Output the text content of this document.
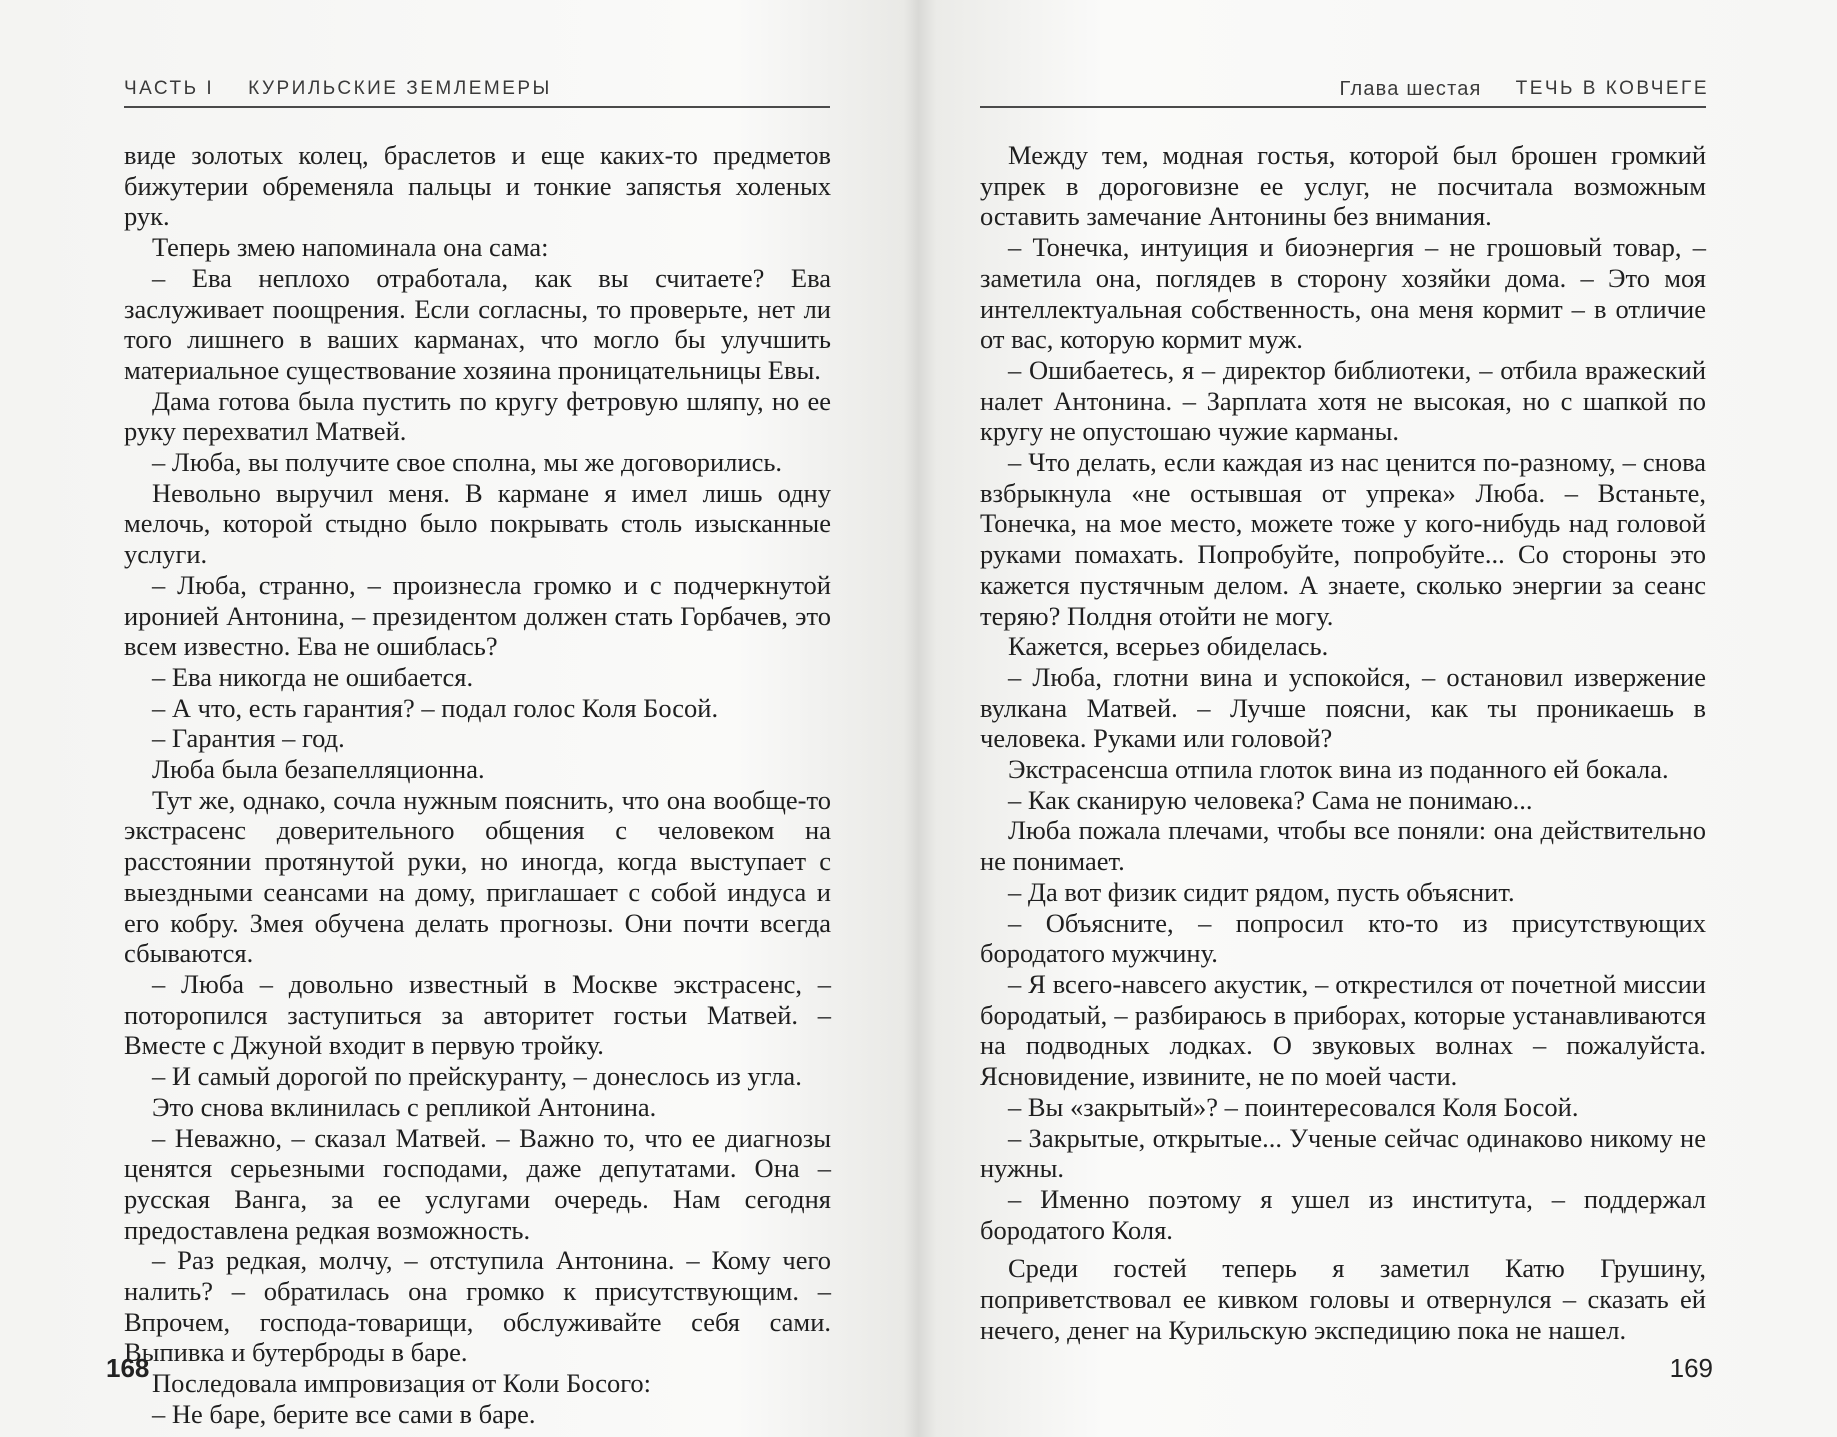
ЧАСТЬ I КУРИЛЬСКИЕ ЗЕМЛЕМЕРЫ

виде золотых колец, браслетов и еще каких-то предметов бижутерии обременяла пальцы и тонкие запястья холеных рук.

Теперь змею напоминала она сама:

– Ева неплохо отработала, как вы считаете? Ева заслуживает поощрения. Если согласны, то проверьте, нет ли того лишнего в ваших карманах, что могло бы улучшить материальное существование хозяина проницательницы Евы.

Дама готова была пустить по кругу фетровую шляпу, но ее руку перехватил Матвей.

– Люба, вы получите свое сполна, мы же договорились.

Невольно выручил меня. В кармане я имел лишь одну мелочь, которой стыдно было покрывать столь изысканные услуги.

– Люба, странно, – произнесла громко и с подчеркнутой иронией Антонина, – президентом должен стать Горбачев, это всем известно. Ева не ошиблась?

– Ева никогда не ошибается.

– А что, есть гарантия? – подал голос Коля Босой.

– Гарантия – год.

Люба была безапелляционна.

Тут же, однако, сочла нужным пояснить, что она вообще-то экстрасенс доверительного общения с человеком на расстоянии протянутой руки, но иногда, когда выступает с выездными сеансами на дому, приглашает с собой индуса и его кобру. Змея обучена делать прогнозы. Они почти всегда сбываются.

– Люба – довольно известный в Москве экстрасенс, – поторопился заступиться за авторитет гостьи Матвей. – Вместе с Джуной входит в первую тройку.

– И самый дорогой по прейскуранту, – донеслось из угла.

Это снова вклинилась с репликой Антонина.

– Неважно, – сказал Матвей. – Важно то, что ее диагнозы ценятся серьезными господами, даже депутатами. Она – русская Ванга, за ее услугами очередь. Нам сегодня предоставлена редкая возможность.

– Раз редкая, молчу, – отступила Антонина. – Кому чего налить? – обратилась она громко к присутствующим. – Впрочем, господа-товарищи, обслуживайте себя сами. Выпивка и бутерброды в баре.

Последовала импровизация от Коли Босого:

– Не баре, берите все сами в баре.

168
Глава шестая ТЕЧЬ В КОВЧЕГЕ

Между тем, модная гостья, которой был брошен громкий упрек в дороговизне ее услуг, не посчитала возможным оставить замечание Антонины без внимания.

– Тонечка, интуиция и биоэнергия – не грошовый товар, – заметила она, поглядев в сторону хозяйки дома. – Это моя интеллектуальная собственность, она меня кормит – в отличие от вас, которую кормит муж.

– Ошибаетесь, я – директор библиотеки, – отбила вражеский налет Антонина. – Зарплата хотя не высокая, но с шапкой по кругу не опустошаю чужие карманы.

– Что делать, если каждая из нас ценится по-разному, – снова взбрыкнула «не остывшая от упрека» Люба. – Встаньте, Тонечка, на мое место, можете тоже у кого-нибудь над головой руками помахать. Попробуйте, попробуйте... Со стороны это кажется пустячным делом. А знаете, сколько энергии за сеанс теряю? Полдня отойти не могу.

Кажется, всерьез обиделась.

– Люба, глотни вина и успокойся, – остановил извержение вулкана Матвей. – Лучше поясни, как ты проникаешь в человека. Руками или головой?

Экстрасенсша отпила глоток вина из поданного ей бокала.

– Как сканирую человека? Сама не понимаю...

Люба пожала плечами, чтобы все поняли: она действительно не понимает.

– Да вот физик сидит рядом, пусть объяснит.

– Объясните, – попросил кто-то из присутствующих бородатого мужчину.

– Я всего-навсего акустик, – открестился от почетной миссии бородатый, – разбираюсь в приборах, которые устанавливаются на подводных лодках. О звуковых волнах – пожалуйста. Ясновидение, извините, не по моей части.

– Вы «закрытый»? – поинтересовался Коля Босой.

– Закрытые, открытые... Ученые сейчас одинаково никому не нужны.

– Именно поэтому я ушел из института, – поддержал бородатого Коля.

Среди гостей теперь я заметил Катю Грушину, поприветствовал ее кивком головы и отвернулся – сказать ей нечего, денег на Курильскую экспедицию пока не нашел.

169
